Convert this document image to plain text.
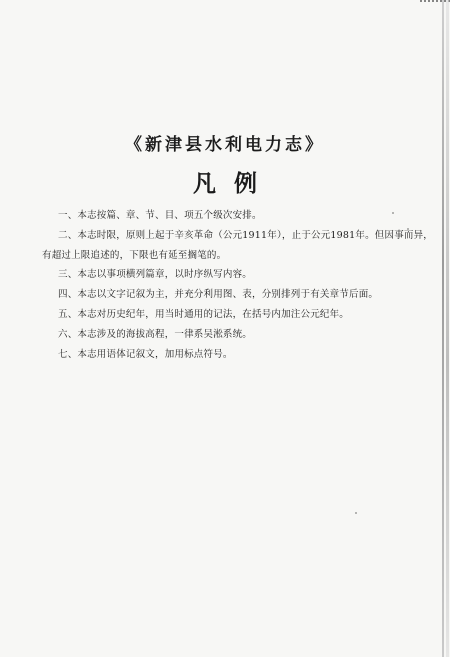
《新津县水利电力志》
凡例

一、本志按篇、章、节、目、项五个级次安排。

二、本志时限，原则上起于辛亥革命（公元1911年），止于公元1981年。但因事而异，
有超过上限追述的，下限也有延至搁笔的。

三、本志以事项横列篇章，以时序纵写内容。

四、本志以文字记叙为主，并充分利用图、表，分别排列于有关章节后面。

五、本志对历史纪年，用当时通用的记法，在括号内加注公元纪年。

六、本志涉及的海拔高程，一律系吴淞系统。

七、本志用语体记叙文，加用标点符号。
